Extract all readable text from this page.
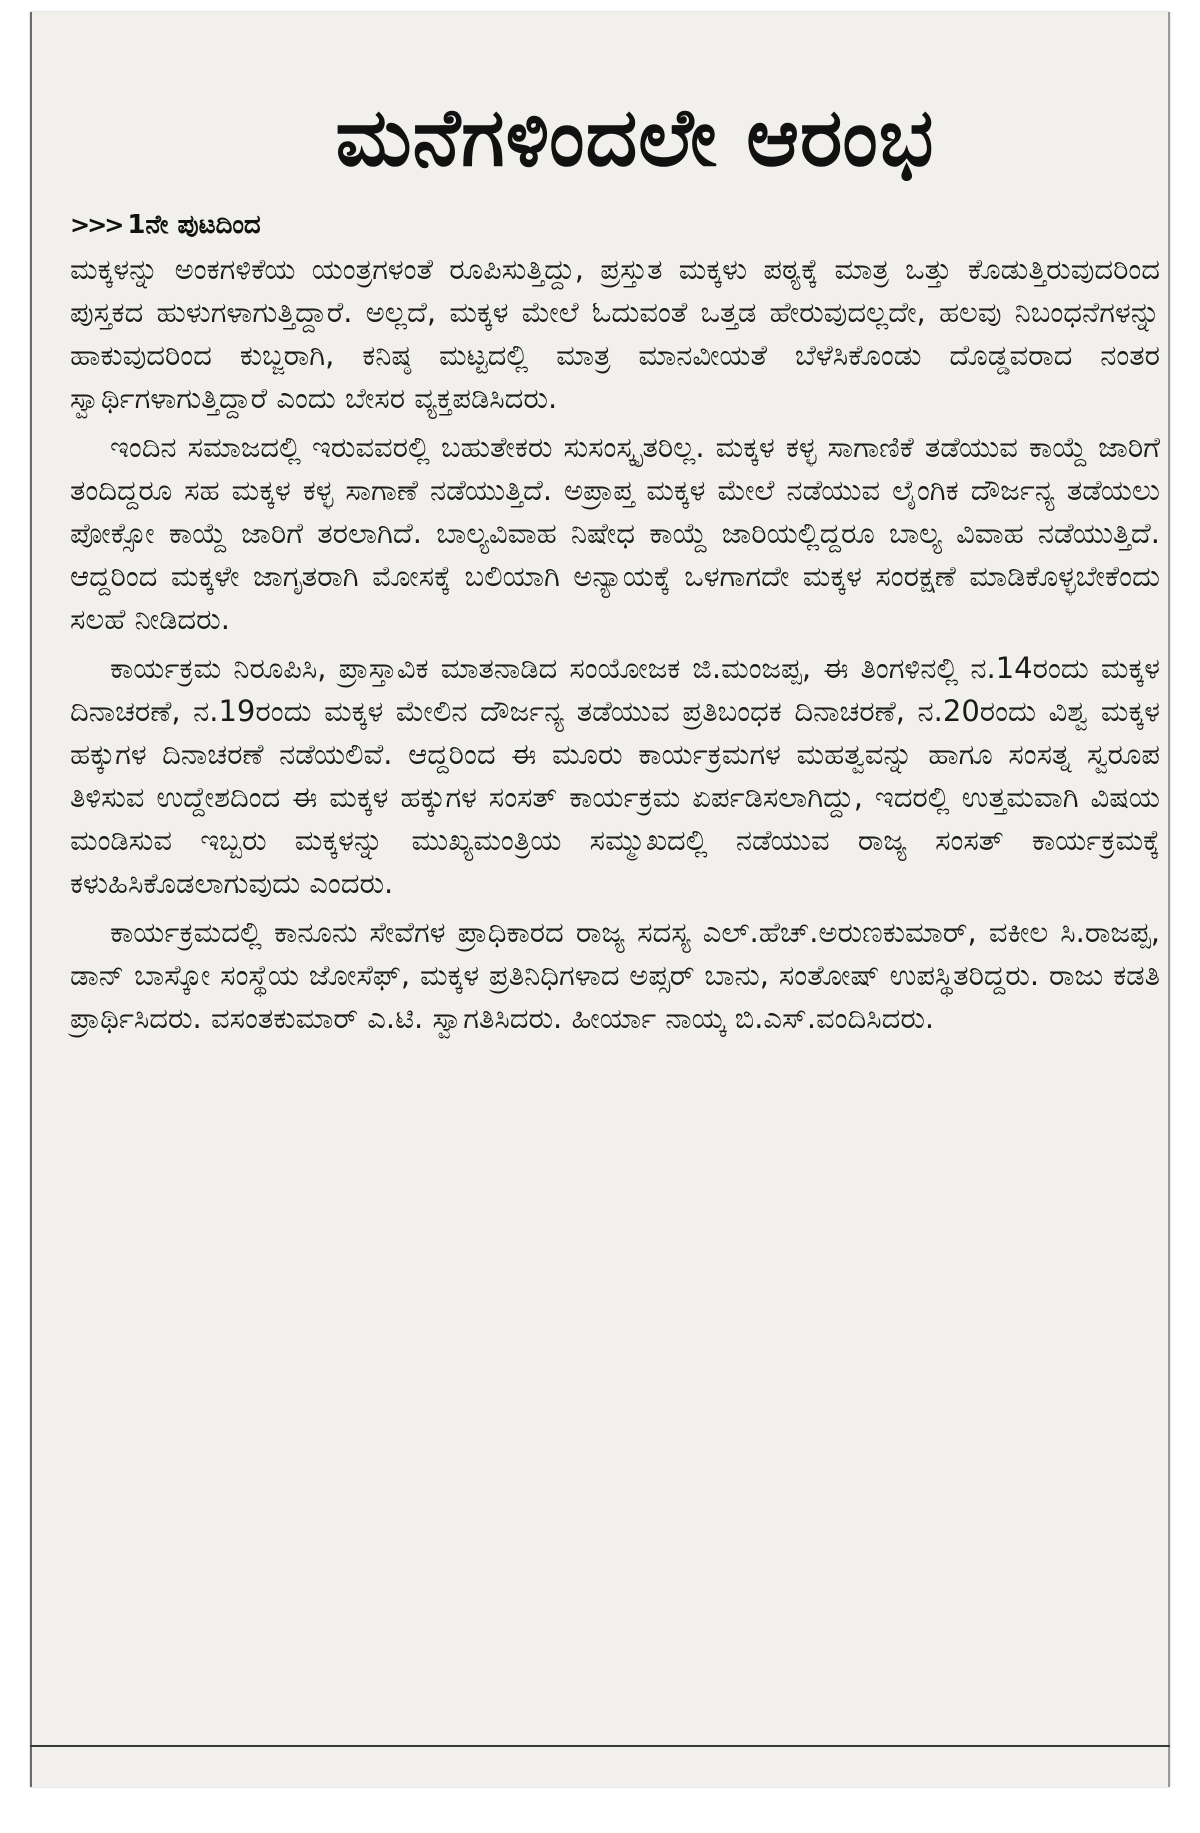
ಮನೆಗಳಿಂದಲೇ ಆರಂಭ
>>> 1ನೇ ಪುಟದಿಂದ

ಮಕ್ಕಳನ್ನು ಅಂಕಗಳಿಕೆಯ ಯಂತ್ರಗಳಂತೆ ರೂಪಿಸುತ್ತಿದ್ದು, ಪ್ರಸ್ತುತ ಮಕ್ಕಳು ಪಠ್ಯಕ್ಕೆ ಮಾತ್ರ ಒತ್ತು ಕೊಡುತ್ತಿರುವುದರಿಂದ ಪುಸ್ತಕದ ಹುಳುಗಳಾಗುತ್ತಿದ್ದಾರೆ. ಅಲ್ಲದೆ, ಮಕ್ಕಳ ಮೇಲೆ ಓದುವಂತೆ ಒತ್ತಡ ಹೇರುವುದಲ್ಲದೇ, ಹಲವು ನಿಬಂಧನೆಗಳನ್ನು ಹಾಕುವುದರಿಂದ ಕುಬ್ಜರಾಗಿ, ಕನಿಷ್ಠ ಮಟ್ಟದಲ್ಲಿ ಮಾತ್ರ ಮಾನವೀಯತೆ ಬೆಳೆಸಿಕೊಂಡು ದೊಡ್ಡವರಾದ ನಂತರ ಸ್ವಾರ್ಥಿಗಳಾಗುತ್ತಿದ್ದಾರೆ ಎಂದು ಬೇಸರ ವ್ಯಕ್ತಪಡಿಸಿದರು.

ಇಂದಿನ ಸಮಾಜದಲ್ಲಿ ಇರುವವರಲ್ಲಿ ಬಹುತೇಕರು ಸುಸಂಸ್ಕೃತರಿಲ್ಲ. ಮಕ್ಕಳ ಕಳ್ಳ ಸಾಗಾಣಿಕೆ ತಡೆಯುವ ಕಾಯ್ದೆ ಜಾರಿಗೆ ತಂದಿದ್ದರೂ ಸಹ ಮಕ್ಕಳ ಕಳ್ಳ ಸಾಗಾಣೆ ನಡೆಯುತ್ತಿದೆ. ಅಪ್ರಾಪ್ತ ಮಕ್ಕಳ ಮೇಲೆ ನಡೆಯುವ ಲೈಂಗಿಕ ದೌರ್ಜನ್ಯ ತಡೆಯಲು ಪೋಕ್ಸೋ ಕಾಯ್ದೆ ಜಾರಿಗೆ ತರಲಾಗಿದೆ. ಬಾಲ್ಯವಿವಾಹ ನಿಷೇಧ ಕಾಯ್ದೆ ಜಾರಿಯಲ್ಲಿದ್ದರೂ ಬಾಲ್ಯ ವಿವಾಹ ನಡೆಯುತ್ತಿದೆ. ಆದ್ದರಿಂದ ಮಕ್ಕಳೇ ಜಾಗೃತರಾಗಿ ಮೋಸಕ್ಕೆ ಬಲಿಯಾಗಿ ಅನ್ಯಾಯಕ್ಕೆ ಒಳಗಾಗದೇ ಮಕ್ಕಳ ಸಂರಕ್ಷಣೆ ಮಾಡಿಕೊಳ್ಳಬೇಕೆಂದು ಸಲಹೆ ನೀಡಿದರು.

ಕಾರ್ಯಕ್ರಮ ನಿರೂಪಿಸಿ, ಪ್ರಾಸ್ತಾವಿಕ ಮಾತನಾಡಿದ ಸಂಯೋಜಕ ಜಿ.ಮಂಜಪ್ಪ, ಈ ತಿಂಗಳಿನಲ್ಲಿ ನ.14ರಂದು ಮಕ್ಕಳ ದಿನಾಚರಣೆ, ನ.19ರಂದು ಮಕ್ಕಳ ಮೇಲಿನ ದೌರ್ಜನ್ಯ ತಡೆಯುವ ಪ್ರತಿಬಂಧಕ ದಿನಾಚರಣೆ, ನ.20ರಂದು ವಿಶ್ವ ಮಕ್ಕಳ ಹಕ್ಕುಗಳ ದಿನಾಚರಣೆ ನಡೆಯಲಿವೆ. ಆದ್ದರಿಂದ ಈ ಮೂರು ಕಾರ್ಯಕ್ರಮಗಳ ಮಹತ್ವವನ್ನು ಹಾಗೂ ಸಂಸತ್ನ ಸ್ವರೂಪ ತಿಳಿಸುವ ಉದ್ದೇಶದಿಂದ ಈ ಮಕ್ಕಳ ಹಕ್ಕುಗಳ ಸಂಸತ್ ಕಾರ್ಯಕ್ರಮ ಏರ್ಪಡಿಸಲಾಗಿದ್ದು, ಇದರಲ್ಲಿ ಉತ್ತಮವಾಗಿ ವಿಷಯ ಮಂಡಿಸುವ ಇಬ್ಬರು ಮಕ್ಕಳನ್ನು ಮುಖ್ಯಮಂತ್ರಿಯ ಸಮ್ಮುಖದಲ್ಲಿ ನಡೆಯುವ ರಾಜ್ಯ ಸಂಸತ್ ಕಾರ್ಯಕ್ರಮಕ್ಕೆ ಕಳುಹಿಸಿಕೊಡಲಾಗುವುದು ಎಂದರು.

ಕಾರ್ಯಕ್ರಮದಲ್ಲಿ ಕಾನೂನು ಸೇವೆಗಳ ಪ್ರಾಧಿಕಾರದ ರಾಜ್ಯ ಸದಸ್ಯ ಎಲ್.ಹೆಚ್.ಅರುಣಕುಮಾರ್, ವಕೀಲ ಸಿ.ರಾಜಪ್ಪ, ಡಾನ್ ಬಾಸ್ಕೋ ಸಂಸ್ಥೆಯ ಜೋಸೆಫ್, ಮಕ್ಕಳ ಪ್ರತಿನಿಧಿಗಳಾದ ಅಪ್ಸರ್ ಬಾನು, ಸಂತೋಷ್ ಉಪಸ್ಥಿತರಿದ್ದರು. ರಾಜು ಕಡತಿ ಪ್ರಾರ್ಥಿಸಿದರು. ವಸಂತಕುಮಾರ್ ಎ.ಟಿ. ಸ್ವಾಗತಿಸಿದರು. ಹೀರ್ಯಾ ನಾಯ್ಕ ಬಿ.ಎಸ್.ವಂದಿಸಿದರು.
